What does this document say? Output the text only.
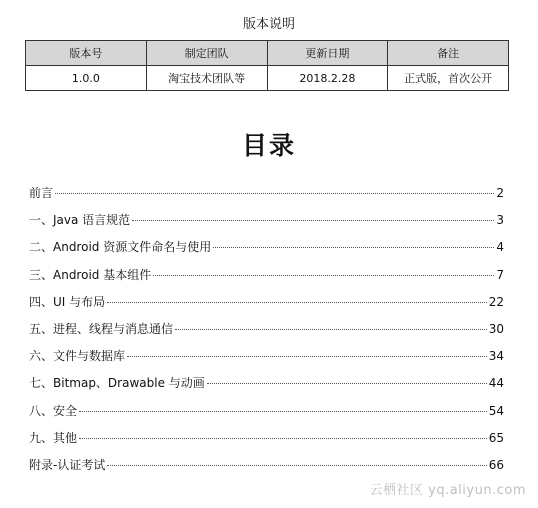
版本说明
版本号	制定团队	更新日期	备注
1.0.0	淘宝技术团队等	2018.2.28	正式版，首次公开
目录
前言	2
一、Java 语言规范	3
二、Android 资源文件命名与使用	4
三、Android 基本组件	7
四、UI 与布局	22
五、进程、线程与消息通信	30
六、文件与数据库	34
七、Bitmap、Drawable 与动画	44
八、安全	54
九、其他	65
附录-认证考试	66
云栖社区 yq.aliyun.com
